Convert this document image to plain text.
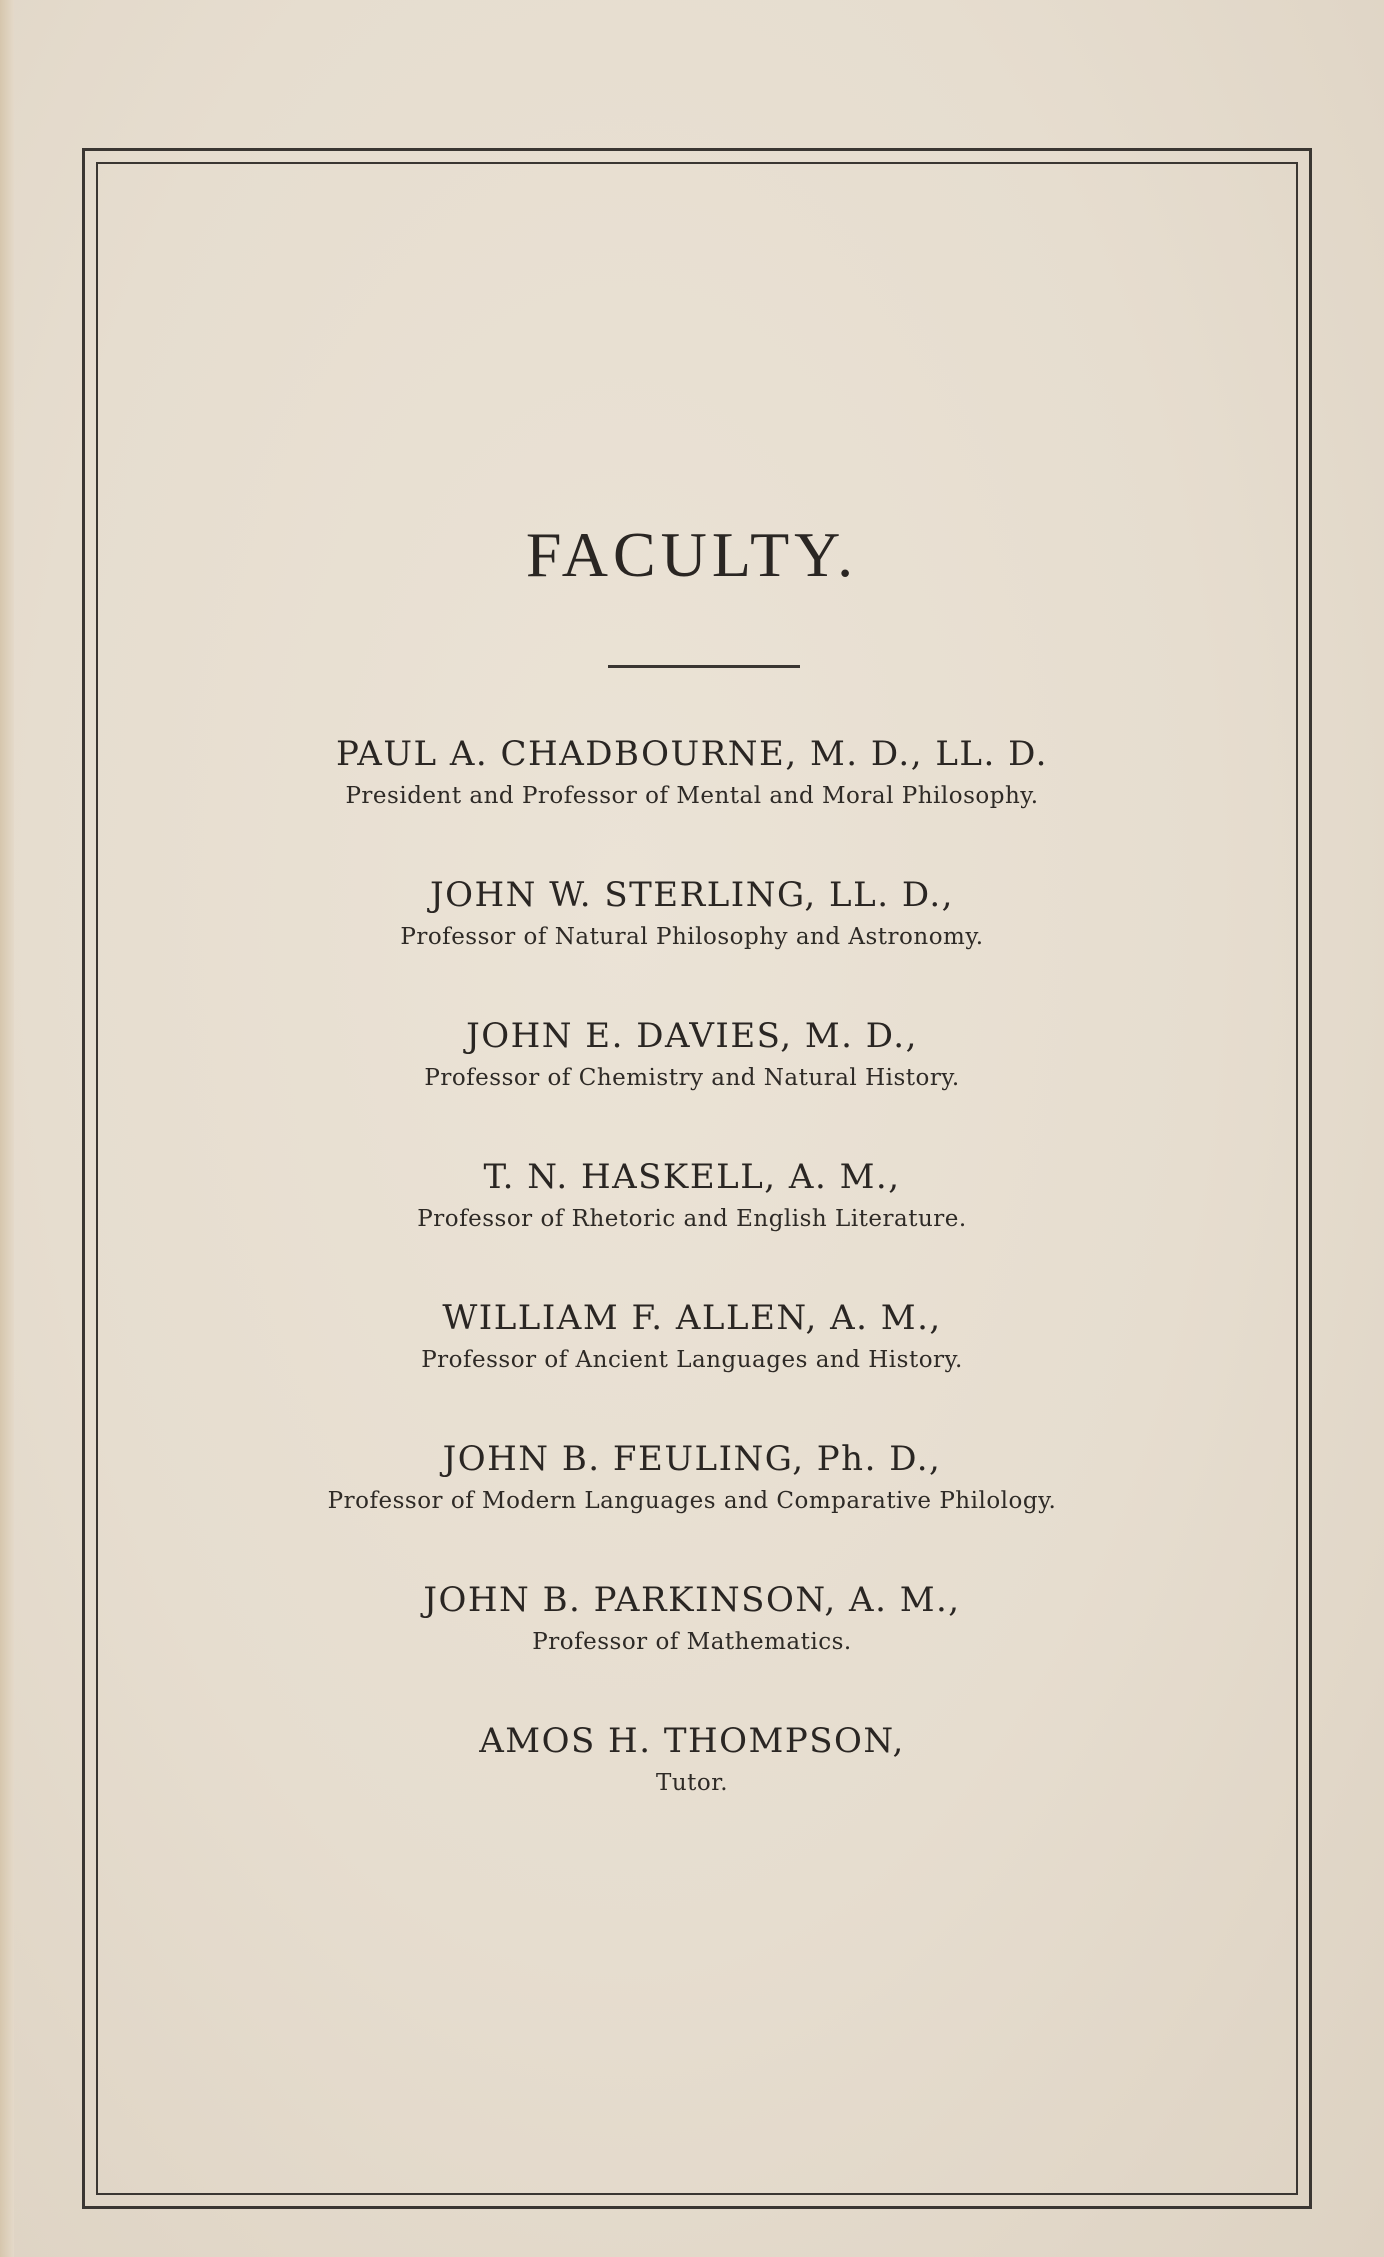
FACULTY.
PAUL A. CHADBOURNE, M. D., LL. D.
President and Professor of Mental and Moral Philosophy.
JOHN W. STERLING, LL. D.,
Professor of Natural Philosophy and Astronomy.
JOHN E. DAVIES, M. D.,
Professor of Chemistry and Natural History.
T. N. HASKELL, A. M.,
Professor of Rhetoric and English Literature.
WILLIAM F. ALLEN, A. M.,
Professor of Ancient Languages and History.
JOHN B. FEULING, Ph. D.,
Professor of Modern Languages and Comparative Philology.
JOHN B. PARKINSON, A. M.,
Professor of Mathematics.
AMOS H. THOMPSON,
Tutor.
